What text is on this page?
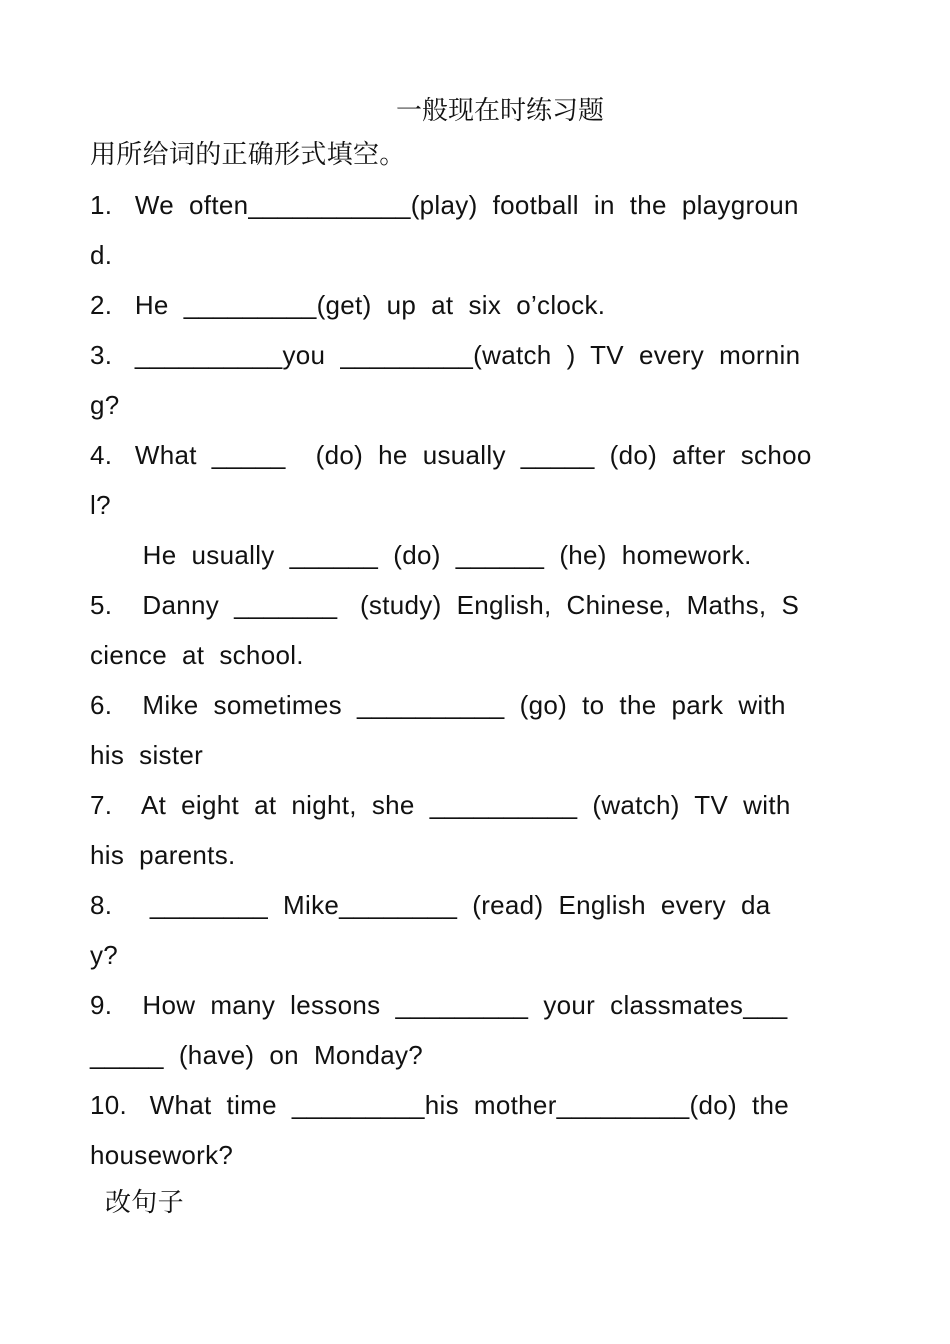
一般现在时练习题
用所给词的正确形式填空。
1.   We  often___________(play)  football  in  the  playgroun
d.
2.   He  _________(get)  up  at  six  o’clock.
3.   __________you  _________(watch  )  TV  every  mornin
g?
4.   What  _____    (do)  he  usually  _____  (do)  after  schoo
l?
He  usually  ______  (do)  ______  (he)  homework.
5.    Danny  _______   (study)  English,  Chinese,  Maths,  S
cience  at  school.
6.    Mike  sometimes  __________  (go)  to  the  park  with
his  sister
7.    At  eight  at  night,  she  __________  (watch)  TV  with
his  parents.
8.     ________  Mike________  (read)  English  every  da
y?
9.    How  many  lessons  _________  your  classmates___
_____  (have)  on  Monday?
10.   What  time  _________his  mother_________(do)  the
housework?
改句子
